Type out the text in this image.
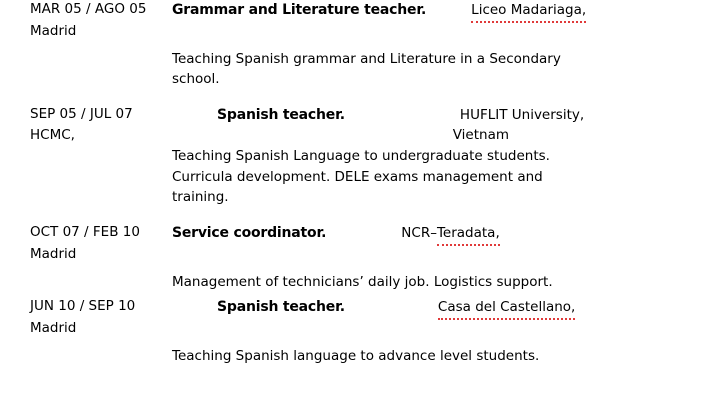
MAR 05 / AGO 05	Grammar and Literature teacher.	Liceo Madariaga,
Madrid

Teaching Spanish grammar and Literature in a Secondary school.
SEP 05 / JUL 07	Spanish teacher.	HUFLIT University,
HCMC,	Vietnam

Teaching Spanish Language to undergraduate students. Curricula development. DELE exams management and training.
OCT 07 / FEB 10	Service coordinator.	NCR– Teradata,
Madrid

Management of technicians’ daily job. Logistics support.
JUN 10 / SEP 10	Spanish teacher.	Casa del Castellano,
Madrid

Teaching Spanish language to advance level students.
